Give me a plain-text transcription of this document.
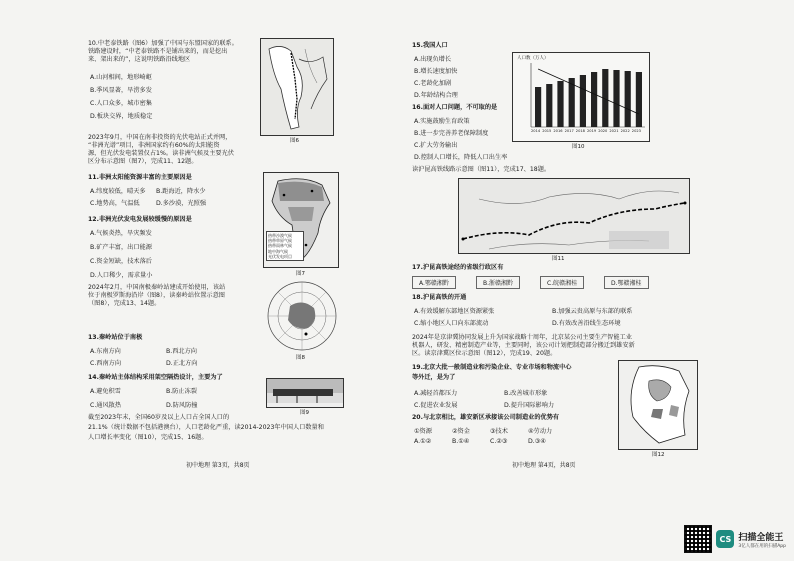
10.中老泰铁路（图6）加强了中国与东盟国家的联系。
铁路建设时，“中老泰铁路不是铺出来的，而是挖出
来、架出来的”，这说明铁路沿线地区
A.山河相间，地形崎岖
B.季风显著，旱涝多发
C.人口众多，城市密集
D.板块交界，地质稳定
图6
2023年9月，中国在南非投资的光伏电站正式并网，
“非洲光谱”项目，非洲国家约有60%的太阳能资
源，但光伏发电装置仅占1%。读非洲气候及主要光伏
区分布示意图（图7），完成11、12题。
11.非洲太阳能资源丰富的主要原因是
A.纬度较低，晴天多 B.距海近，降水少
C.地势高，气温低	D.多沙漠，光照强
热带沙漠气候
热带草原气候
热带雨林气候
地中海气候
光伏发电项目
图7
12.非洲光伏发电发展较缓慢的原因是
A.气候炎热，旱灾频发
B.矿产丰富，出口能源
C.资金短缺，技术落后
D.人口稀少，需求量小
2024年2月，中国南极秦岭站建成开始使用，该站
位于南极罗斯海沿岸（图8），读秦岭站位置示意图
（图8），完成13、14题。
图8
13.秦岭站位于南极
A.东南方向	B.西北方向
C.西南方向	D.正北方向
14.秦岭站主体结构采用架空隔热设计，主要为了
A.避免积雪	B.防止冻裂
C.通风散热	D.防风防撞
图9
截至2023年末，全国60岁及以上人口占全国人口的
21.1%（统计数据不包括港澳台），人口老龄化严重，读2014-2023年中国人口数量和
人口增长率变化（图10），完成15、16题。
初中地理 第3页，共8页
15.我国人口
A.出现负增长
B.增长速度加快
C.老龄化加剧
D.年龄结构合理
16.面对人口问题，不可取的是
A.实施鼓励生育政策
B.进一步完善养老保障制度
C.扩大劳务输出
D.控制人口增长，降低人口出生率
人口数（万人）
2014 2015 2016 2017 2018 2019 2020 2021 2022 2023
图10
读沪昆高铁线路示意图（图11），完成17、18题。
图11
17.沪昆高铁途经的省级行政区有
A.鄂赣湘黔	B.浙赣湘黔	C.皖赣湘桂	D.鄂赣湘桂
18.沪昆高铁的开通
A.有效缓解东部地区资源紧张	B.加强云贵高原与东部的联系
C.缩小地区人口向东部流动	D.有效改善沿线生态环境
2024年是京津冀协同发展上升为国家战略十周年，北京某公司主要生产智能工业
机器人，研发、精密制造产业等，主要同时，该公司计划把制造部分搬迁到雄安新
区。读京津冀区位示意图（图12），完成19、20题。
19.北京大批一般制造业和污染企业、专业市场和物流中心
等外迁，是为了
A.减轻首都压力	B.改善城市形象
C.促进农业发展	D.提升国际影响力
20.与北京相比，雄安新区承接该公司制造业的优势有
①资源	②资金	③技术	④劳动力
A.①②	B.①④	C.②③	D.③④
图12
初中地理 第4页，共8页
CS 扫描全能王
3亿人都在用的扫描App
